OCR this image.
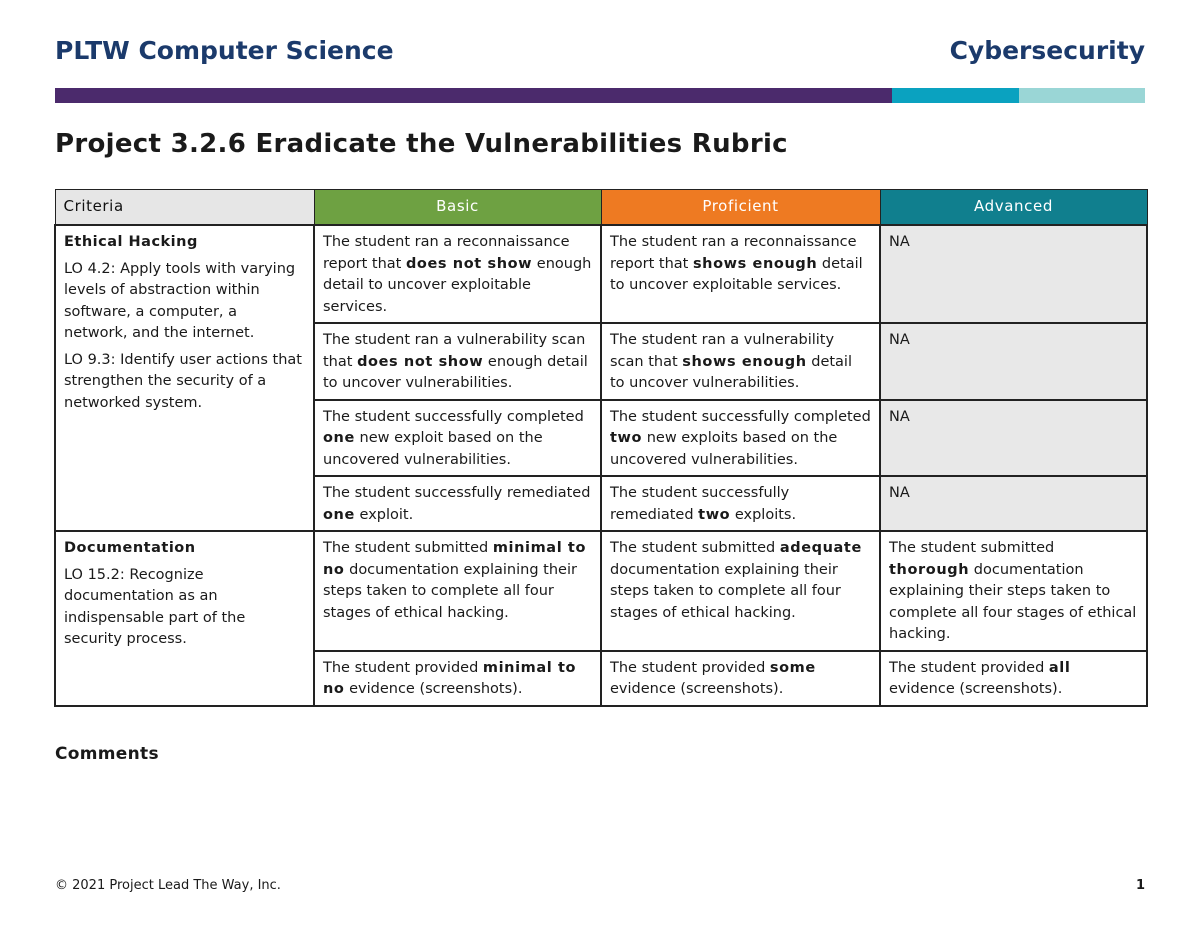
PLTW Computer Science	Cybersecurity
Project 3.2.6 Eradicate the Vulnerabilities Rubric
Criteria	Basic	Proficient	Advanced

Ethical Hacking
LO 4.2: Apply tools with varying levels of abstraction within software, a computer, a network, and the internet.
LO 9.3: Identify user actions that strengthen the security of a networked system.	The student ran a reconnaissance report that does not show enough detail to uncover exploitable services.	The student ran a reconnaissance report that shows enough detail to uncover exploitable services.	NA
	The student ran a vulnerability scan that does not show enough detail to uncover vulnerabilities.	The student ran a vulnerability scan that shows enough detail to uncover vulnerabilities.	NA
	The student successfully completed one new exploit based on the uncovered vulnerabilities.	The student successfully completed two new exploits based on the uncovered vulnerabilities.	NA
	The student successfully remediated one exploit.	The student successfully remediated two exploits.	NA

Documentation
LO 15.2: Recognize documentation as an indispensable part of the security process.	The student submitted minimal to no documentation explaining their steps taken to complete all four stages of ethical hacking.	The student submitted adequate documentation explaining their steps taken to complete all four stages of ethical hacking.	The student submitted thorough documentation explaining their steps taken to complete all four stages of ethical hacking.
	The student provided minimal to no evidence (screenshots).	The student provided some evidence (screenshots).	The student provided all evidence (screenshots).
Comments
© 2021 Project Lead The Way, Inc.	1
